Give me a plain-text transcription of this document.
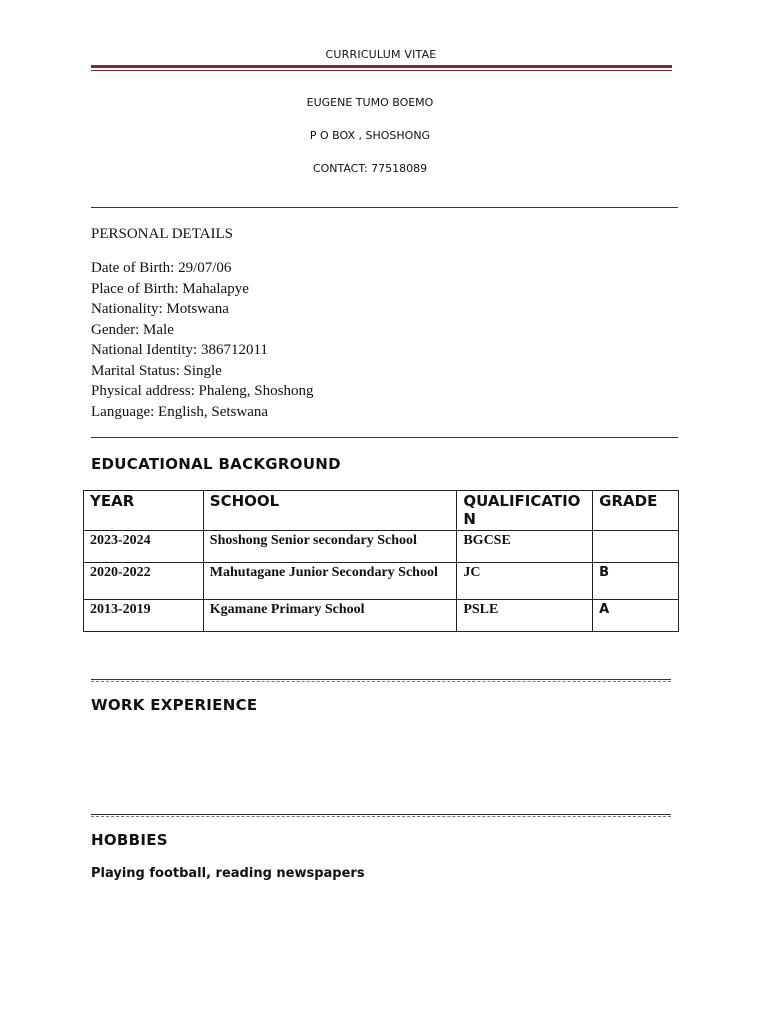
CURRICULUM VITAE
EUGENE TUMO BOEMO
P O BOX , SHOSHONG
CONTACT: 77518089
PERSONAL DETAILS
Date of Birth: 29/07/06
Place of Birth: Mahalapye
Nationality: Motswana
Gender: Male
National Identity: 386712011
Marital Status: Single
Physical address: Phaleng, Shoshong
Language: English, Setswana
EDUCATIONAL BACKGROUND
YEAR	SCHOOL	QUALIFICATION	GRADE
2023-2024	Shoshong Senior secondary School	BGCSE	
2020-2022	Mahutagane Junior Secondary School	JC	B
2013-2019	Kgamane Primary School	PSLE	A
WORK EXPERIENCE
HOBBIES
Playing football, reading newspapers
